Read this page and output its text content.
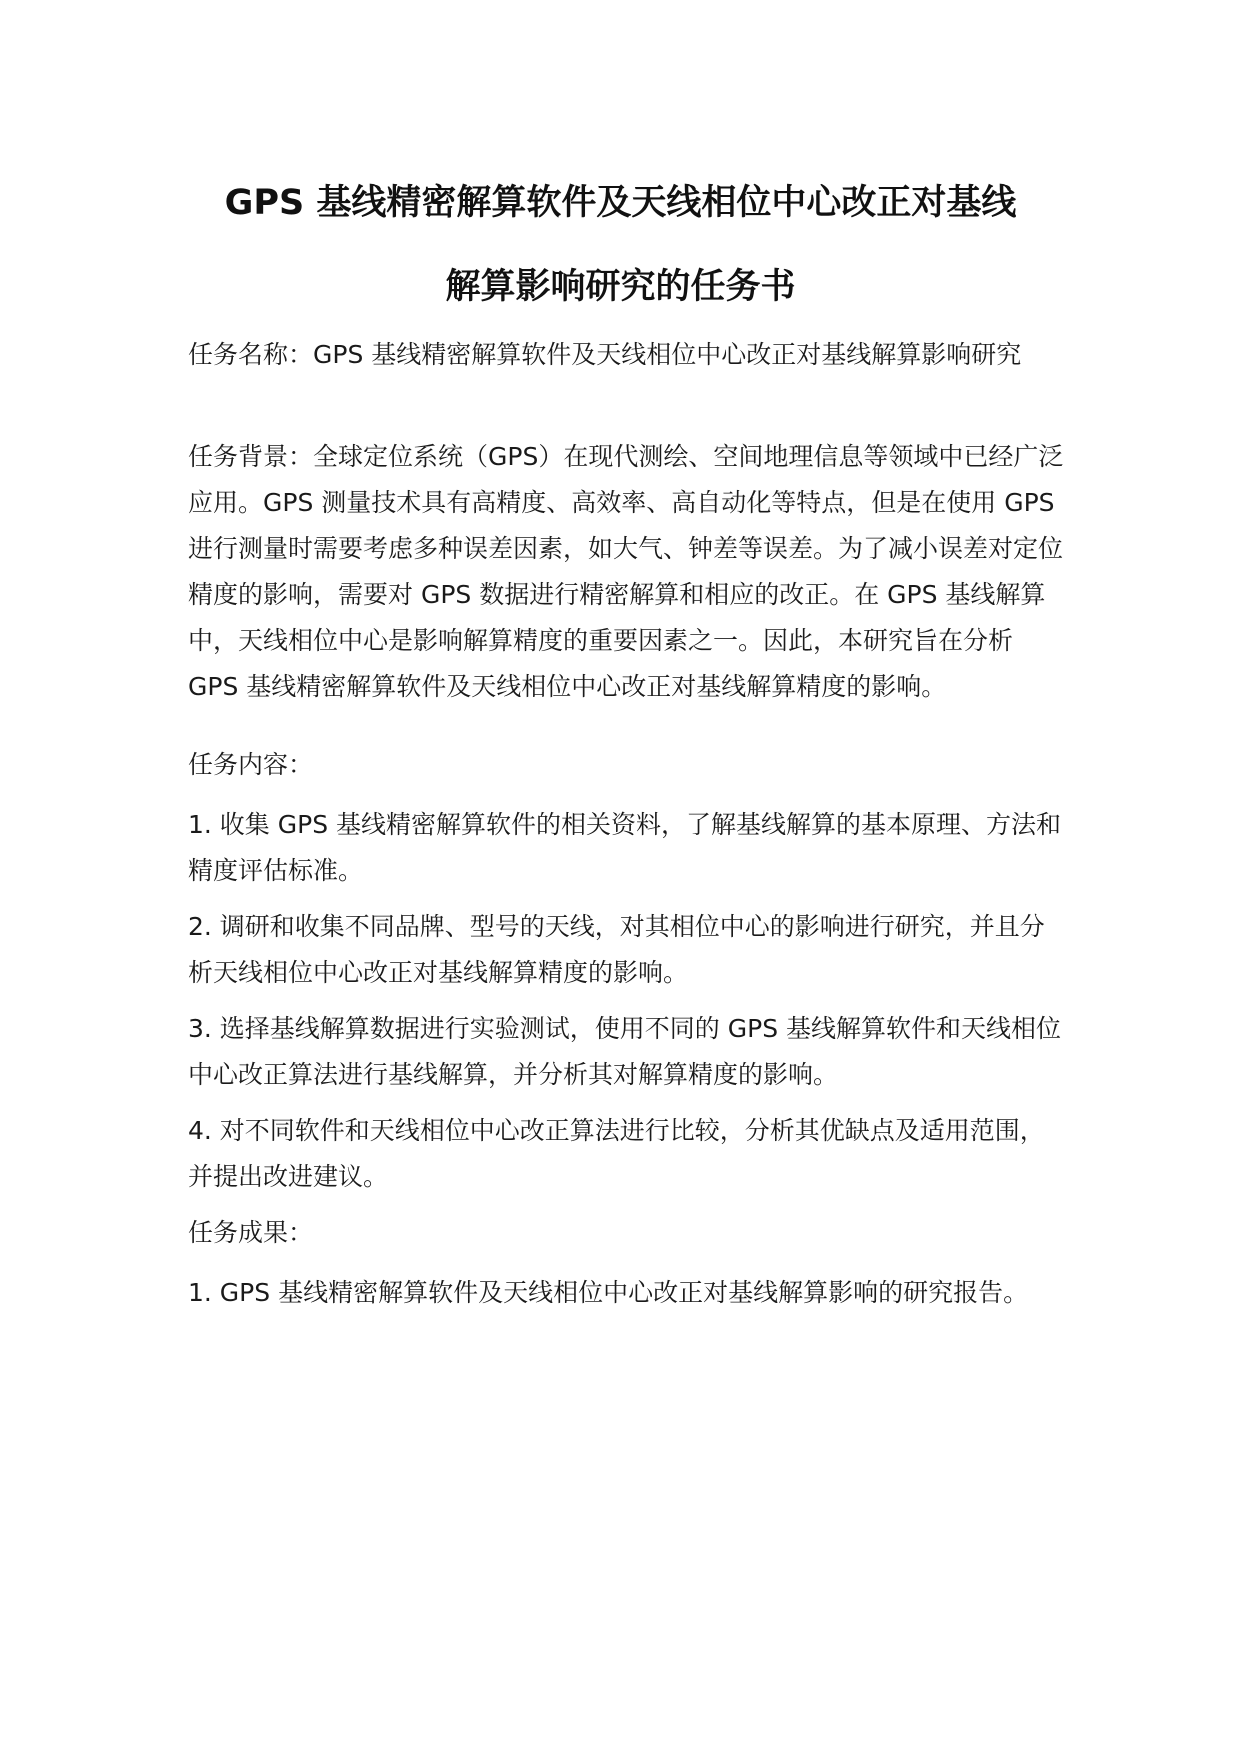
GPS 基线精密解算软件及天线相位中心改正对基线
解算影响研究的任务书

任务名称：GPS 基线精密解算软件及天线相位中心改正对基线解算影响研究

任务背景：全球定位系统（GPS）在现代测绘、空间地理信息等领域中已经广泛应用。GPS 测量技术具有高精度、高效率、高自动化等特点，但是在使用 GPS 进行测量时需要考虑多种误差因素，如大气、钟差等误差。为了减小误差对定位精度的影响，需要对 GPS 数据进行精密解算和相应的改正。在 GPS 基线解算中，天线相位中心是影响解算精度的重要因素之一。因此，本研究旨在分析 GPS 基线精密解算软件及天线相位中心改正对基线解算精度的影响。

任务内容：

1. 收集 GPS 基线精密解算软件的相关资料，了解基线解算的基本原理、方法和精度评估标准。

2. 调研和收集不同品牌、型号的天线，对其相位中心的影响进行研究，并且分析天线相位中心改正对基线解算精度的影响。

3. 选择基线解算数据进行实验测试，使用不同的 GPS 基线解算软件和天线相位中心改正算法进行基线解算，并分析其对解算精度的影响。

4. 对不同软件和天线相位中心改正算法进行比较，分析其优缺点及适用范围，并提出改进建议。

任务成果：

1. GPS 基线精密解算软件及天线相位中心改正对基线解算影响的研究报告。
